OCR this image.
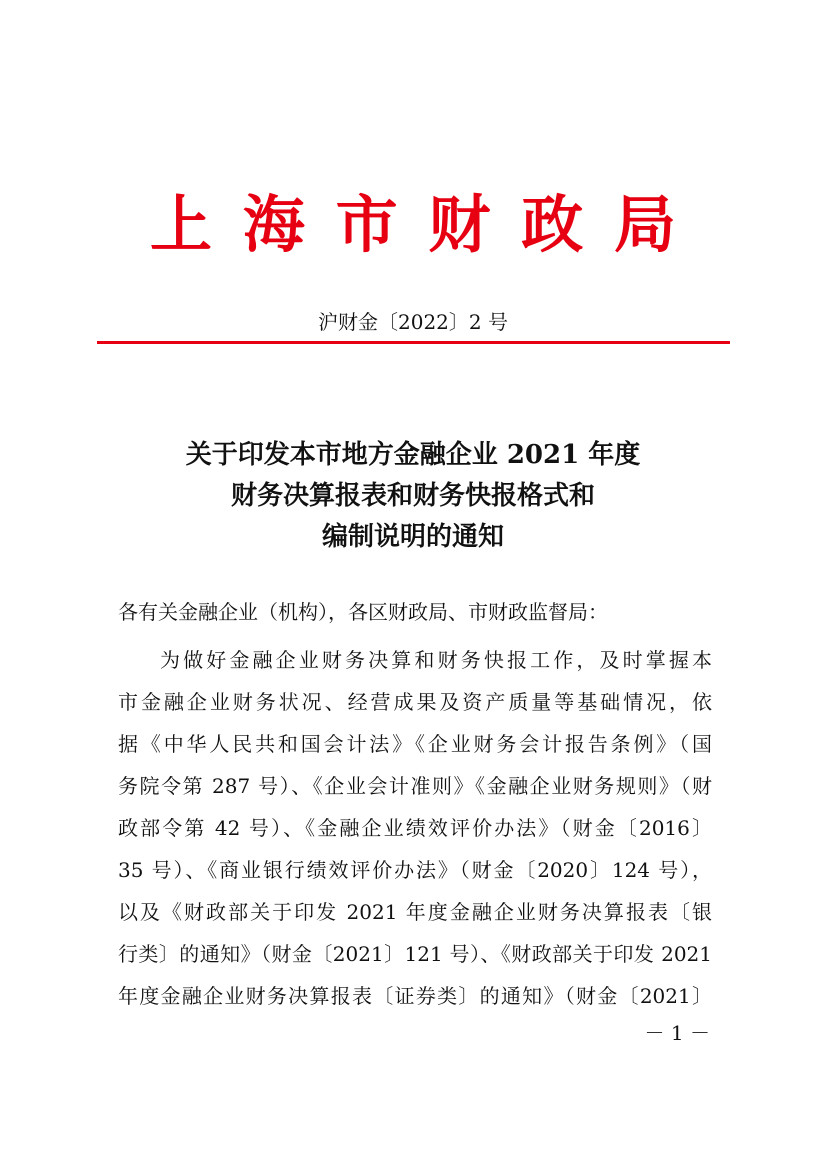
上 海 市 财 政 局
沪财金〔2022〕2 号
关于印发本市地方金融企业 2021 年度
财务决算报表和财务快报格式和
编制说明的通知
各有关金融企业（机构），各区财政局、市财政监督局：
为做好金融企业财务决算和财务快报工作，及时掌握本
市金融企业财务状况、经营成果及资产质量等基础情况，依
据《中华人民共和国会计法》《企业财务会计报告条例》（国
务院令第 287 号）、《企业会计准则》《金融企业财务规则》（财
政部令第 42 号）、《金融企业绩效评价办法》（财金〔2016〕
35 号）、《商业银行绩效评价办法》（财金〔2020〕124 号），
以及《财政部关于印发 2021 年度金融企业财务决算报表〔银
行类〕的通知》（财金〔2021〕121 号）、《财政部关于印发 2021
年度金融企业财务决算报表〔证券类〕的通知》（财金〔2021〕
－ 1 －
